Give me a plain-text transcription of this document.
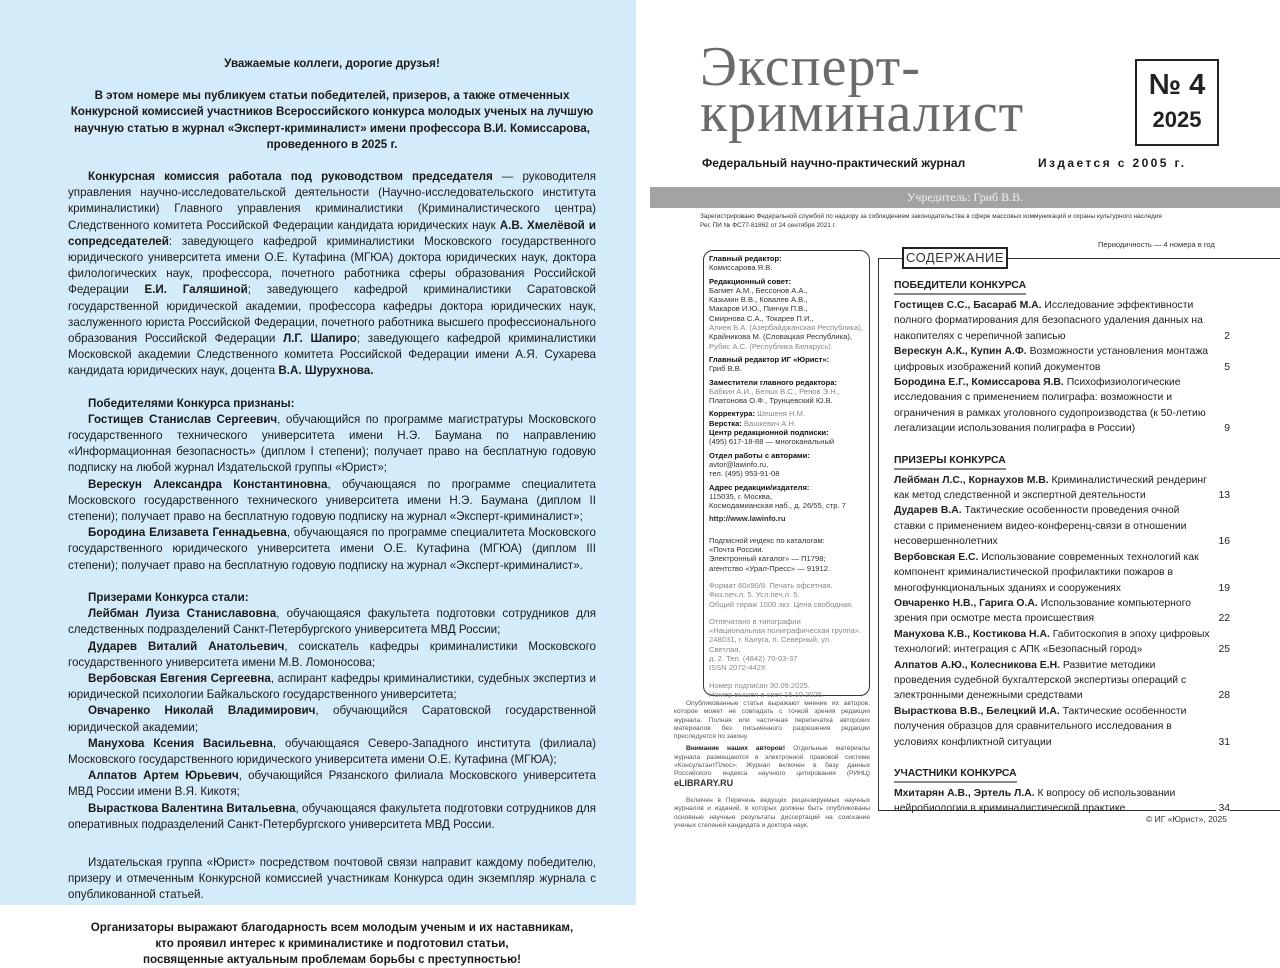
Уважаемые коллеги, дорогие друзья!

В этом номере мы публикуем статьи победителей, призеров, а также отмеченных Конкурсной комиссией участников Всероссийского конкурса молодых ученых на лучшую научную статью в журнал «Эксперт-криминалист» имени профессора В.И. Комиссарова, проведенного в 2025 г.

Конкурсная комиссия работала под руководством председателя — руководителя управления научно-исследовательской деятельности (Научно-исследовательского института криминалистики) Главного управления криминалистики (Криминалистического центра) Следственного комитета Российской Федерации кандидата юридических наук А.В. Хмелёвой и сопредседателей: заведующего кафедрой криминалистики Московского государственного юридического университета имени О.Е. Кутафина (МГЮА) доктора юридических наук, доктора филологических наук, профессора, почетного работника сферы образования Российской Федерации Е.И. Галяшиной; заведующего кафедрой криминалистики Саратовской государственной юридической академии, профессора кафедры доктора юридических наук, заслуженного юриста Российской Федерации, почетного работника высшего профессионального образования Российской Федерации Л.Г. Шапиро; заведующего кафедрой криминалистики Московской академии Следственного комитета Российской Федерации имени А.Я. Сухарева кандидата юридических наук, доцента В.А. Шурухнова.

Победителями Конкурса признаны:

Гостищев Станислав Сергеевич, обучающийся по программе магистратуры Московского государственного технического университета имени Н.Э. Баумана по направлению «Информационная безопасность» (диплом I степени); получает право на бесплатную годовую подписку на любой журнал Издательской группы «Юрист»;

Верескун Александра Константиновна, обучающаяся по программе специалитета Московского государственного технического университета имени Н.Э. Баумана (диплом II степени); получает право на бесплатную годовую подписку на журнал «Эксперт-криминалист»;

Бородина Елизавета Геннадьевна, обучающаяся по программе специалитета Московского государственного юридического университета имени О.Е. Кутафина (МГЮА) (диплом III степени); получает право на бесплатную годовую подписку на журнал «Эксперт-криминалист».

Призерами Конкурса стали:

Лейбман Луиза Станиславовна, обучающаяся факультета подготовки сотрудников для следственных подразделений Санкт-Петербургского университета МВД России;

Дударев Виталий Анатольевич, соискатель кафедры криминалистики Московского государственного университета имени М.В. Ломоносова;

Вербовская Евгения Сергеевна, аспирант кафедры криминалистики, судебных экспертиз и юридической психологии Байкальского государственного университета;

Овчаренко Николай Владимирович, обучающийся Саратовской государственной юридической академии;

Манухова Ксения Васильевна, обучающаяся Северо-Западного института (филиала) Московского государственного юридического университета имени О.Е. Кутафина (МГЮА);

Алпатов Артем Юрьевич, обучающийся Рязанского филиала Московского университета МВД России имени В.Я. Кикотя;

Вырасткова Валентина Витальевна, обучающаяся факультета подготовки сотрудников для оперативных подразделений Санкт-Петербургского университета МВД России.

Издательская группа «Юрист» посредством почтовой связи направит каждому победителю, призеру и отмеченным Конкурсной комиссией участникам Конкурса один экземпляр журнала с опубликованной статьей.

Организаторы выражают благодарность всем молодым ученым и их наставникам,
кто проявил интерес к криминалистике и подготовил статьи,
посвященные актуальным проблемам борьбы с преступностью!
Эксперт-
криминалист	№ 4
2025
Федеральный научно-практический журнал	Издается с 2005 г.
Учредитель: Гриб В.В.
Зарегистрировано Федеральной службой по надзору за соблюдением законодательства в сфере массовых коммуникаций и охраны культурного наследия
Рег. ПИ № ФС77-81862 от 24 сентября 2021 г.
Периодичность — 4 номера в год
Главный редактор:
Комиссарова Я.В.
Редакционный совет:
Багмет А.М., Бессонов А.А.,
Казьмин В.В., Ковалев А.В.,
Макаров И.Ю., Пинчук П.В.,
Смирнова С.А., Токарев П.И.,
Алиев Б.А. (Азербайджанская Республика),
Крайникова М. (Словацкая Республика),
Рубис А.С. (Республика Беларусь).
Главный редактор ИГ «Юрист»:
Гриб В.В.
Заместители главного редактора:
Бабкин А.И., Белых В.С., Ренов Э.Н.,
Платонова О.Ф., Трунцевский Ю.В.
Корректура: Шешеня Н.М.
Верстка: Вашкевич А.Н.
Центр редакционной подписки:
(495) 617-18-88 — многоканальный
Отдел работы с авторами:
avtor@lawinfo.ru,
тел. (495) 953-91-08
Адрес редакции/издателя:
115035, г. Москва,
Космодамианская наб., д. 26/55, стр. 7
http://www.lawinfo.ru
Подписной индекс по каталогам:
«Почта России.
Электронный каталог» — П1798;
агентство «Урал-Пресс» — 91912.
Формат 60x90/8. Печать офсетная.
Физ.печ.л. 5. Усл.печ.л. 5.
Общий тираж 1000 экз. Цена свободная.
Отпечатано в типографии
«Национальная полиграфическая группа».
248031, г. Калуга, п. Северный, ул. Светлая,
д. 2. Тел. (4842) 70-03-37
ISSN 2072-442X
Номер подписан 30.09.2025.
Номер вышел в свет 16.10.2025.

Опубликованные статьи выражают мнение их авторов, которое может не совпадать с точкой зрения редакции журнала. Полная или частичная перепечатка авторских материалов без письменного разрешения редакции преследуется по закону.

Внимание наших авторов! Отдельные материалы журнала размещаются в электронной правовой системе «КонсультантПлюс». Журнал включен в базу данных Российского индекса научного цитирования (РИНЦ) eLIBRARY.RU

Включен в Перечень ведущих рецензируемых научных журналов и изданий, в которых должны быть опубликованы основные научные результаты диссертаций на соискание ученых степеней кандидата и доктора наук.

СОДЕРЖАНИЕ
ПОБЕДИТЕЛИ КОНКУРСА
Гостищев С.С., Басараб М.А. Исследование эффективности полного форматирования для безопасного удаления данных на накопителях с черепичной записью	2
Верескун А.К., Купин А.Ф. Возможности установления монтажа цифровых изображений копий документов	5
Бородина Е.Г., Комиссарова Я.В. Психофизиологические исследования с применением полиграфа: возможности и ограничения в рамках уголовного судопроизводства (к 50-летию легализации использования полиграфа в России)	9
ПРИЗЕРЫ КОНКУРСА
Лейбман Л.С., Корнаухов М.В. Криминалистический рендеринг как метод следственной и экспертной деятельности	13
Дударев В.А. Тактические особенности проведения очной ставки с применением видео-конференц-связи в отношении несовершеннолетних	16
Вербовская Е.С. Использование современных технологий как компонент криминалистической профилактики пожаров в многофункциональных зданиях и сооружениях	19
Овчаренко Н.В., Гарига О.А. Использование компьютерного зрения при осмотре места происшествия	22
Манухова К.В., Костикова Н.А. Габитоскопия в эпоху цифровых технологий: интеграция с АПК «Безопасный город»	25
Алпатов А.Ю., Колесникова Е.Н. Развитие методики проведения судебной бухгалтерской экспертизы операций с электронными денежными средствами	28
Вырасткова В.В., Белецкий И.А. Тактические особенности получения образцов для сравнительного исследования в условиях конфликтной ситуации	31
УЧАСТНИКИ КОНКУРСА
Мхитарян А.В., Эртель Л.А. К вопросу об использовании нейробиологии в криминалистической практике	34
© ИГ «Юрист», 2025
